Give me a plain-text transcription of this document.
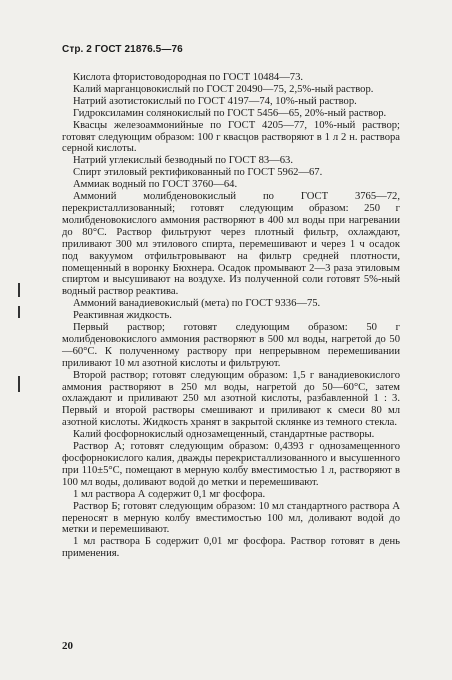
Стр. 2 ГОСТ 21876.5—76

Кислота фтористоводородная по ГОСТ 10484—73.

Калий марганцовокислый по ГОСТ 20490—75, 2,5%-ный раствор.

Натрий азотистокислый по ГОСТ 4197—74, 10%-ный раствор.

Гидроксиламин солянокислый по ГОСТ 5456—65, 20%-ный раствор.

Квасцы железоаммонийные по ГОСТ 4205—77, 10%-ный раствор; готовят следующим образом: 100 г квасцов растворяют в 1 л 2 н. раствора серной кислоты.

Натрий углекислый безводный по ГОСТ 83—63.

Спирт этиловый ректификованный по ГОСТ 5962—67.

Аммиак водный по ГОСТ 3760—64.

Аммоний молибденовокислый по ГОСТ 3765—72, перекристаллизованный; готовят следующим образом: 250 г молибденовокислого аммония растворяют в 400 мл воды при нагревании до 80°С. Раствор фильтруют через плотный фильтр, охлаждают, приливают 300 мл этилового спирта, перемешивают и через 1 ч осадок под вакуумом отфильтровывают на фильтр средней плотности, помещенный в воронку Бюхнера. Осадок промывают 2—3 раза этиловым спиртом и высушивают на воздухе. Из полученной соли готовят 5%-ный водный раствор реактива.

Аммоний ванадиевокислый (мета) по ГОСТ 9336—75.

Реактивная жидкость.

Первый раствор; готовят следующим образом: 50 г молибденовокислого аммония растворяют в 500 мл воды, нагретой до 50—60°С. К полученному раствору при непрерывном перемешивании приливают 10 мл азотной кислоты и фильтруют.

Второй раствор; готовят следующим образом: 1,5 г ванадиевокислого аммония растворяют в 250 мл воды, нагретой до 50—60°С, затем охлаждают и приливают 250 мл азотной кислоты, разбавленной 1 : 3. Первый и второй растворы смешивают и приливают к смеси 80 мл азотной кислоты. Жидкость хранят в закрытой склянке из темного стекла.

Калий фосфорнокислый однозамещенный, стандартные растворы.

Раствор А; готовят следующим образом: 0,4393 г однозамещенного фосфорнокислого калия, дважды перекристаллизованного и высушенного при 110±5°С, помещают в мерную колбу вместимостью 1 л, растворяют в 100 мл воды, доливают водой до метки и перемешивают.

1 мл раствора А содержит 0,1 мг фосфора.

Раствор Б; готовят следующим образом: 10 мл стандартного раствора А переносят в мерную колбу вместимостью 100 мл, доливают водой до метки и перемешивают.

1 мл раствора Б содержит 0,01 мг фосфора. Раствор готовят в день применения.

20
